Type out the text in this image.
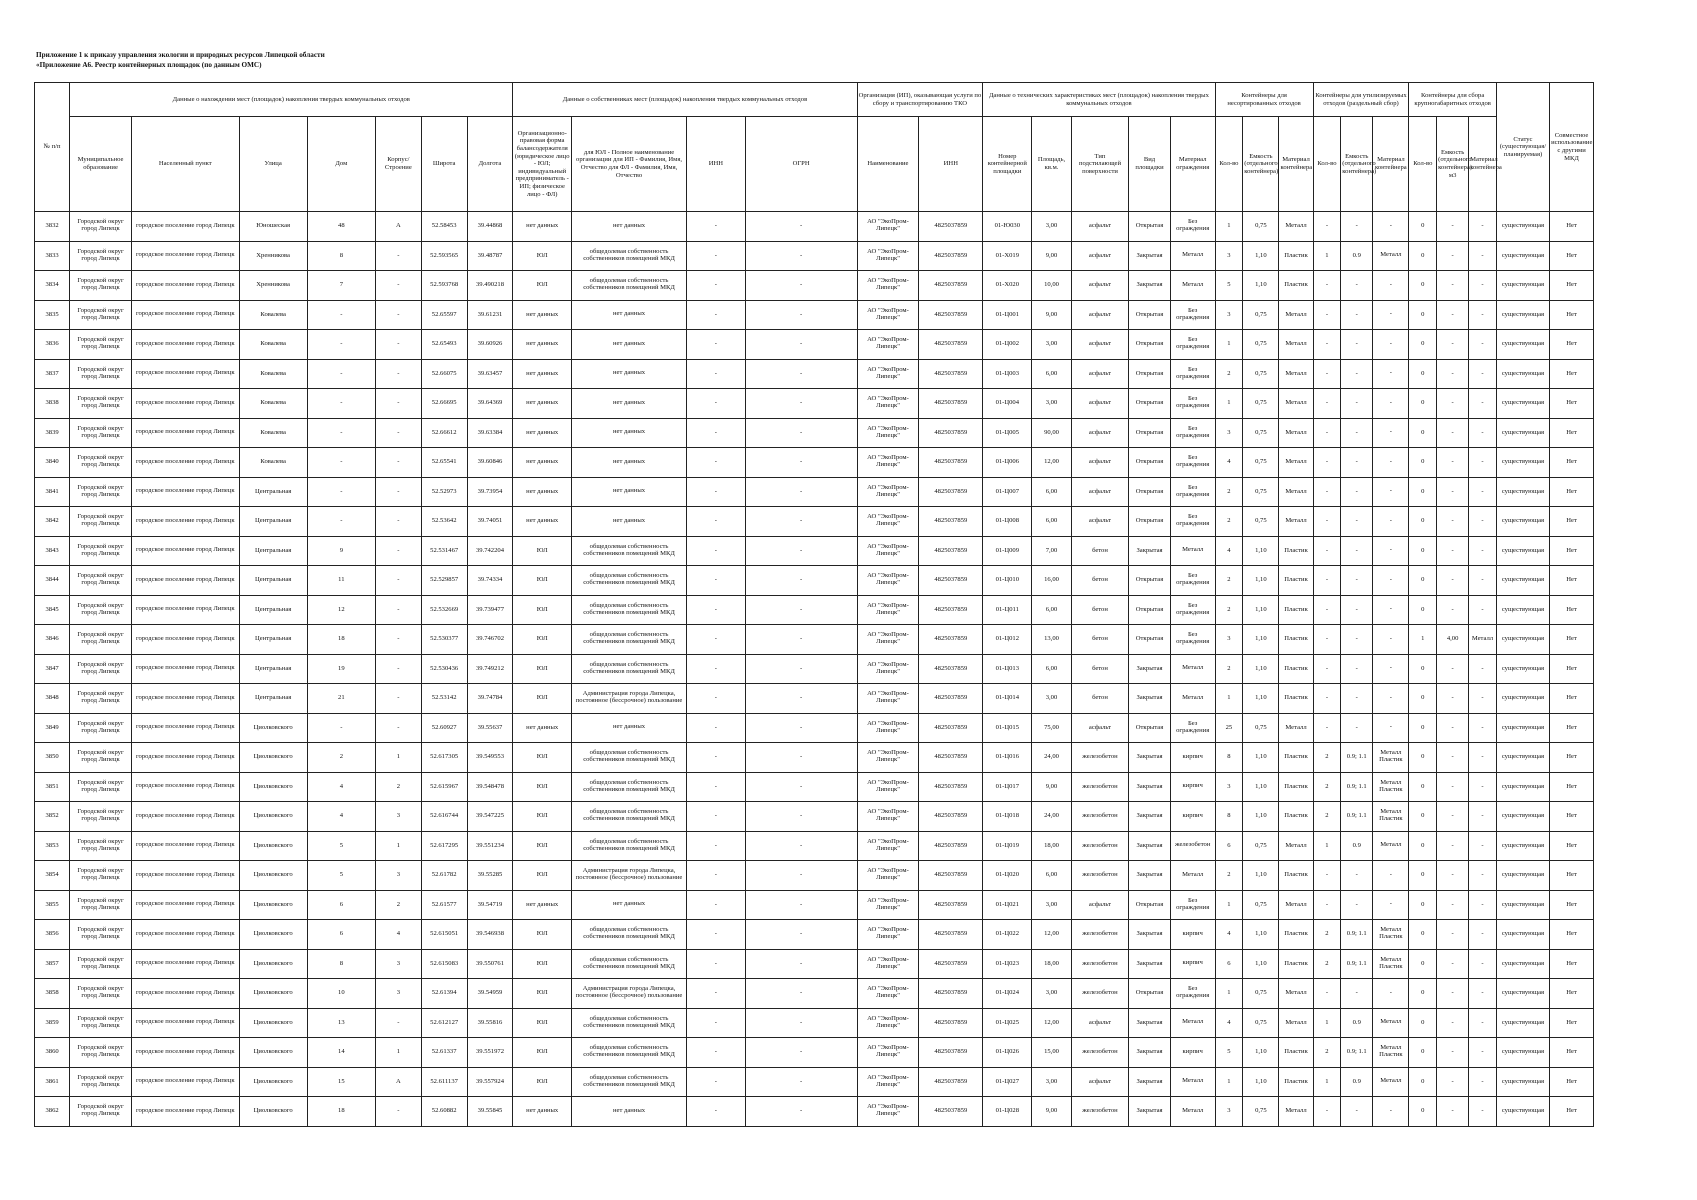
Приложение 1 к приказу управления экологии и природных ресурсов Липецкой области
«Приложение А6. Реестр контейнерных площадок (по данным ОМС)
№ п/п	Данные о нахождении мест (площадок) накопления твердых коммунальных отходов							Данные о собственниках мест (площадок) накопления твердых коммунальных отходов				Организация (ИП), оказывающая услуги по сбору и транспортированию ТКО		Данные о технических характеристиках мест (площадок) накопления твердых коммунальных отходов					Контейнеры для несортированных отходов			Контейнеры для утилизируемых отходов (раздельный сбор)			Контейнеры для сбора крупногабаритных отходов			Статус (существующая/ планируемая)	Совместное использование с другими МКД
	Муниципальное образование	Населенный пункт	Улица	Дом	Корпус/Строение	Широта	Долгота	Организационно-правовая форма балансодержателя (юридическое лицо - ЮЛ; индивидуальный предприниматель - ИП; физическое лицо - ФЛ)	для ЮЛ - Полное наименование организации для ИП - Фамилия, Имя, Отчество для ФЛ - Фамилия, Имя, Отчество	ИНН	ОГРН	Наименование	ИНН	Номер контейнерной площадки	Площадь, кв.м.	Тип подстилающей поверхности	Вид площадки	Материал ограждения	Кол-во	Емкость (отдельного контейнера)	Материал контейнера	Кол-во	Емкость (отдельного контейнера)	Материал контейнера	Кол-во	Емкость (отдельного контейнера) м3	Материал контейнера		

3832	Городской округ город Липецк	городское поселение город Липецк	Юношеская	48	А	52.58453	39.44868	нет данных	нет данных	-	-	АО "ЭкоПром-Липецк"	4825037859	01-Ю030	3,00	асфальт	Открытая	Без ограждения	1	0,75	Металл	-	-	-	0	-	-	существующая	Нет

3833	Городской округ город Липецк	городское поселение город Липецк	Хренникова	8	-	52.593565	39.48787	ЮЛ	общедолевая собственность собственников помещений МКД	-	-	АО "ЭкоПром-Липецк"	4825037859	01-Х019	9,00	асфальт	Закрытая	Металл	3	1,10	Пластик	1	0.9	Металл	0	-	-	существующая	Нет

3834	Городской округ город Липецк	городское поселение город Липецк	Хренникова	7	-	52.593768	39.490218	ЮЛ	общедолевая собственность собственников помещений МКД	-	-	АО "ЭкоПром-Липецк"	4825037859	01-Х020	10,00	асфальт	Закрытая	Металл	5	1,10	Пластик	-	-	-	0	-	-	существующая	Нет

3835	Городской округ город Липецк	городское поселение город Липецк	Ковалева	-	-	52.65597	39.61231	нет данных	нет данных	-	-	АО "ЭкоПром-Липецк"	4825037859	01-Ц001	9,00	асфальт	Открытая	Без ограждения	3	0,75	Металл	-	-	-	0	-	-	существующая	Нет

3836	Городской округ город Липецк	городское поселение город Липецк	Ковалева	-	-	52.65493	39.60926	нет данных	нет данных	-	-	АО "ЭкоПром-Липецк"	4825037859	01-Ц002	3,00	асфальт	Открытая	Без ограждения	1	0,75	Металл	-	-	-	0	-	-	существующая	Нет

3837	Городской округ город Липецк	городское поселение город Липецк	Ковалева	-	-	52.66075	39.63457	нет данных	нет данных	-	-	АО "ЭкоПром-Липецк"	4825037859	01-Ц003	6,00	асфальт	Открытая	Без ограждения	2	0,75	Металл	-	-	-	0	-	-	существующая	Нет

3838	Городской округ город Липецк	городское поселение город Липецк	Ковалева	-	-	52.66695	39.64369	нет данных	нет данных	-	-	АО "ЭкоПром-Липецк"	4825037859	01-Ц004	3,00	асфальт	Открытая	Без ограждения	1	0,75	Металл	-	-	-	0	-	-	существующая	Нет

3839	Городской округ город Липецк	городское поселение город Липецк	Ковалева	-	-	52.66612	39.63384	нет данных	нет данных	-	-	АО "ЭкоПром-Липецк"	4825037859	01-Ц005	90,00	асфальт	Открытая	Без ограждения	3	0,75	Металл	-	-	-	0	-	-	существующая	Нет

3840	Городской округ город Липецк	городское поселение город Липецк	Ковалева	-	-	52.65541	39.60846	нет данных	нет данных	-	-	АО "ЭкоПром-Липецк"	4825037859	01-Ц006	12,00	асфальт	Открытая	Без ограждения	4	0,75	Металл	-	-	-	0	-	-	существующая	Нет

3841	Городской округ город Липецк	городское поселение город Липецк	Центральная	-	-	52.52973	39.73954	нет данных	нет данных	-	-	АО "ЭкоПром-Липецк"	4825037859	01-Ц007	6,00	асфальт	Открытая	Без ограждения	2	0,75	Металл	-	-	-	0	-	-	существующая	Нет

3842	Городской округ город Липецк	городское поселение город Липецк	Центральная	-	-	52.53642	39.74051	нет данных	нет данных	-	-	АО "ЭкоПром-Липецк"	4825037859	01-Ц008	6,00	асфальт	Открытая	Без ограждения	2	0,75	Металл	-	-	-	0	-	-	существующая	Нет

3843	Городской округ город Липецк	городское поселение город Липецк	Центральная	9	-	52.531467	39.742204	ЮЛ	общедолевая собственность собственников помещений МКД	-	-	АО "ЭкоПром-Липецк"	4825037859	01-Ц009	7,00	бетон	Закрытая	Металл	4	1,10	Пластик	-	-	-	0	-	-	существующая	Нет

3844	Городской округ город Липецк	городское поселение город Липецк	Центральная	11	-	52.529857	39.74334	ЮЛ	общедолевая собственность собственников помещений МКД	-	-	АО "ЭкоПром-Липецк"	4825037859	01-Ц010	16,00	бетон	Открытая	Без ограждения	2	1,10	Пластик	-	-	-	0	-	-	существующая	Нет

3845	Городской округ город Липецк	городское поселение город Липецк	Центральная	12	-	52.532669	39.739477	ЮЛ	общедолевая собственность собственников помещений МКД	-	-	АО "ЭкоПром-Липецк"	4825037859	01-Ц011	6,00	бетон	Открытая	Без ограждения	2	1,10	Пластик	-	-	-	0	-	-	существующая	Нет

3846	Городской округ город Липецк	городское поселение город Липецк	Центральная	18	-	52.530377	39.746702	ЮЛ	общедолевая собственность собственников помещений МКД	-	-	АО "ЭкоПром-Липецк"	4825037859	01-Ц012	13,00	бетон	Открытая	Без ограждения	3	1,10	Пластик	-	-	-	1	4,00	Металл	существующая	Нет

3847	Городской округ город Липецк	городское поселение город Липецк	Центральная	19	-	52.530436	39.749212	ЮЛ	общедолевая собственность собственников помещений МКД	-	-	АО "ЭкоПром-Липецк"	4825037859	01-Ц013	6,00	бетон	Закрытая	Металл	2	1,10	Пластик	-	-	-	0	-	-	существующая	Нет

3848	Городской округ город Липецк	городское поселение город Липецк	Центральная	21	-	52.53142	39.74784	ЮЛ	Администрация города Липецка, постоянное (бессрочное) пользование	-	-	АО "ЭкоПром-Липецк"	4825037859	01-Ц014	3,00	бетон	Закрытая	Металл	1	1,10	Пластик	-	-	-	0	-	-	существующая	Нет

3849	Городской округ город Липецк	городское поселение город Липецк	Циолковского	-	-	52.60927	39.55637	нет данных	нет данных	-	-	АО "ЭкоПром-Липецк"	4825037859	01-Ц015	75,00	асфальт	Открытая	Без ограждения	25	0,75	Металл	-	-	-	0	-	-	существующая	Нет

3850	Городской округ город Липецк	городское поселение город Липецк	Циолковского	2	1	52.617305	39.549553	ЮЛ	общедолевая собственность собственников помещений МКД	-	-	АО "ЭкоПром-Липецк"	4825037859	01-Ц016	24,00	железобетон	Закрытая	кирпич	8	1,10	Пластик	2	0.9; 1.1	Металл Пластик	0	-	-	существующая	Нет

3851	Городской округ город Липецк	городское поселение город Липецк	Циолковского	4	2	52.615967	39.548478	ЮЛ	общедолевая собственность собственников помещений МКД	-	-	АО "ЭкоПром-Липецк"	4825037859	01-Ц017	9,00	железобетон	Закрытая	кирпич	3	1,10	Пластик	2	0.9; 1.1	Металл Пластик	0	-	-	существующая	Нет

3852	Городской округ город Липецк	городское поселение город Липецк	Циолковского	4	3	52.616744	39.547225	ЮЛ	общедолевая собственность собственников помещений МКД	-	-	АО "ЭкоПром-Липецк"	4825037859	01-Ц018	24,00	железобетон	Закрытая	кирпич	8	1,10	Пластик	2	0.9; 1.1	Металл Пластик	0	-	-	существующая	Нет

3853	Городской округ город Липецк	городское поселение город Липецк	Циолковского	5	1	52.617295	39.551234	ЮЛ	общедолевая собственность собственников помещений МКД	-	-	АО "ЭкоПром-Липецк"	4825037859	01-Ц019	18,00	железобетон	Закрытая	железобетон	6	0,75	Металл	1	0.9	Металл	0	-	-	существующая	Нет

3854	Городской округ город Липецк	городское поселение город Липецк	Циолковского	5	3	52.61782	39.55285	ЮЛ	Администрация города Липецка, постоянное (бессрочное) пользование	-	-	АО "ЭкоПром-Липецк"	4825037859	01-Ц020	6,00	железобетон	Закрытая	Металл	2	1,10	Пластик	-	-	-	0	-	-	существующая	Нет

3855	Городской округ город Липецк	городское поселение город Липецк	Циолковского	6	2	52.61577	39.54719	нет данных	нет данных	-	-	АО "ЭкоПром-Липецк"	4825037859	01-Ц021	3,00	асфальт	Открытая	Без ограждения	1	0,75	Металл	-	-	-	0	-	-	существующая	Нет

3856	Городской округ город Липецк	городское поселение город Липецк	Циолковского	6	4	52.615051	39.546938	ЮЛ	общедолевая собственность собственников помещений МКД	-	-	АО "ЭкоПром-Липецк"	4825037859	01-Ц022	12,00	железобетон	Закрытая	кирпич	4	1,10	Пластик	2	0.9; 1.1	Металл Пластик	0	-	-	существующая	Нет

3857	Городской округ город Липецк	городское поселение город Липецк	Циолковского	8	3	52.615083	39.550761	ЮЛ	общедолевая собственность собственников помещений МКД	-	-	АО "ЭкоПром-Липецк"	4825037859	01-Ц023	18,00	железобетон	Закрытая	кирпич	6	1,10	Пластик	2	0.9; 1.1	Металл Пластик	0	-	-	существующая	Нет

3858	Городской округ город Липецк	городское поселение город Липецк	Циолковского	10	3	52.61394	39.54959	ЮЛ	Администрация города Липецка, постоянное (бессрочное) пользование	-	-	АО "ЭкоПром-Липецк"	4825037859	01-Ц024	3,00	железобетон	Открытая	Без ограждения	1	0,75	Металл	-	-	-	0	-	-	существующая	Нет

3859	Городской округ город Липецк	городское поселение город Липецк	Циолковского	13	-	52.612127	39.55816	ЮЛ	общедолевая собственность собственников помещений МКД	-	-	АО "ЭкоПром-Липецк"	4825037859	01-Ц025	12,00	асфальт	Закрытая	Металл	4	0,75	Металл	1	0.9	Металл	0	-	-	существующая	Нет

3860	Городской округ город Липецк	городское поселение город Липецк	Циолковского	14	1	52.61337	39.551972	ЮЛ	общедолевая собственность собственников помещений МКД	-	-	АО "ЭкоПром-Липецк"	4825037859	01-Ц026	15,00	железобетон	Закрытая	кирпич	5	1,10	Пластик	2	0.9; 1.1	Металл Пластик	0	-	-	существующая	Нет

3861	Городской округ город Липецк	городское поселение город Липецк	Циолковского	15	А	52.611137	39.557924	ЮЛ	общедолевая собственность собственников помещений МКД	-	-	АО "ЭкоПром-Липецк"	4825037859	01-Ц027	3,00	асфальт	Закрытая	Металл	1	1,10	Пластик	1	0.9	Металл	0	-	-	существующая	Нет

3862	Городской округ город Липецк	городское поселение город Липецк	Циолковского	18	-	52.60882	39.55845	нет данных	нет данных	-	-	АО "ЭкоПром-Липецк"	4825037859	01-Ц028	9,00	железобетон	Закрытая	Металл	3	0,75	Металл	-	-	-	0	-	-	существующая	Нет
